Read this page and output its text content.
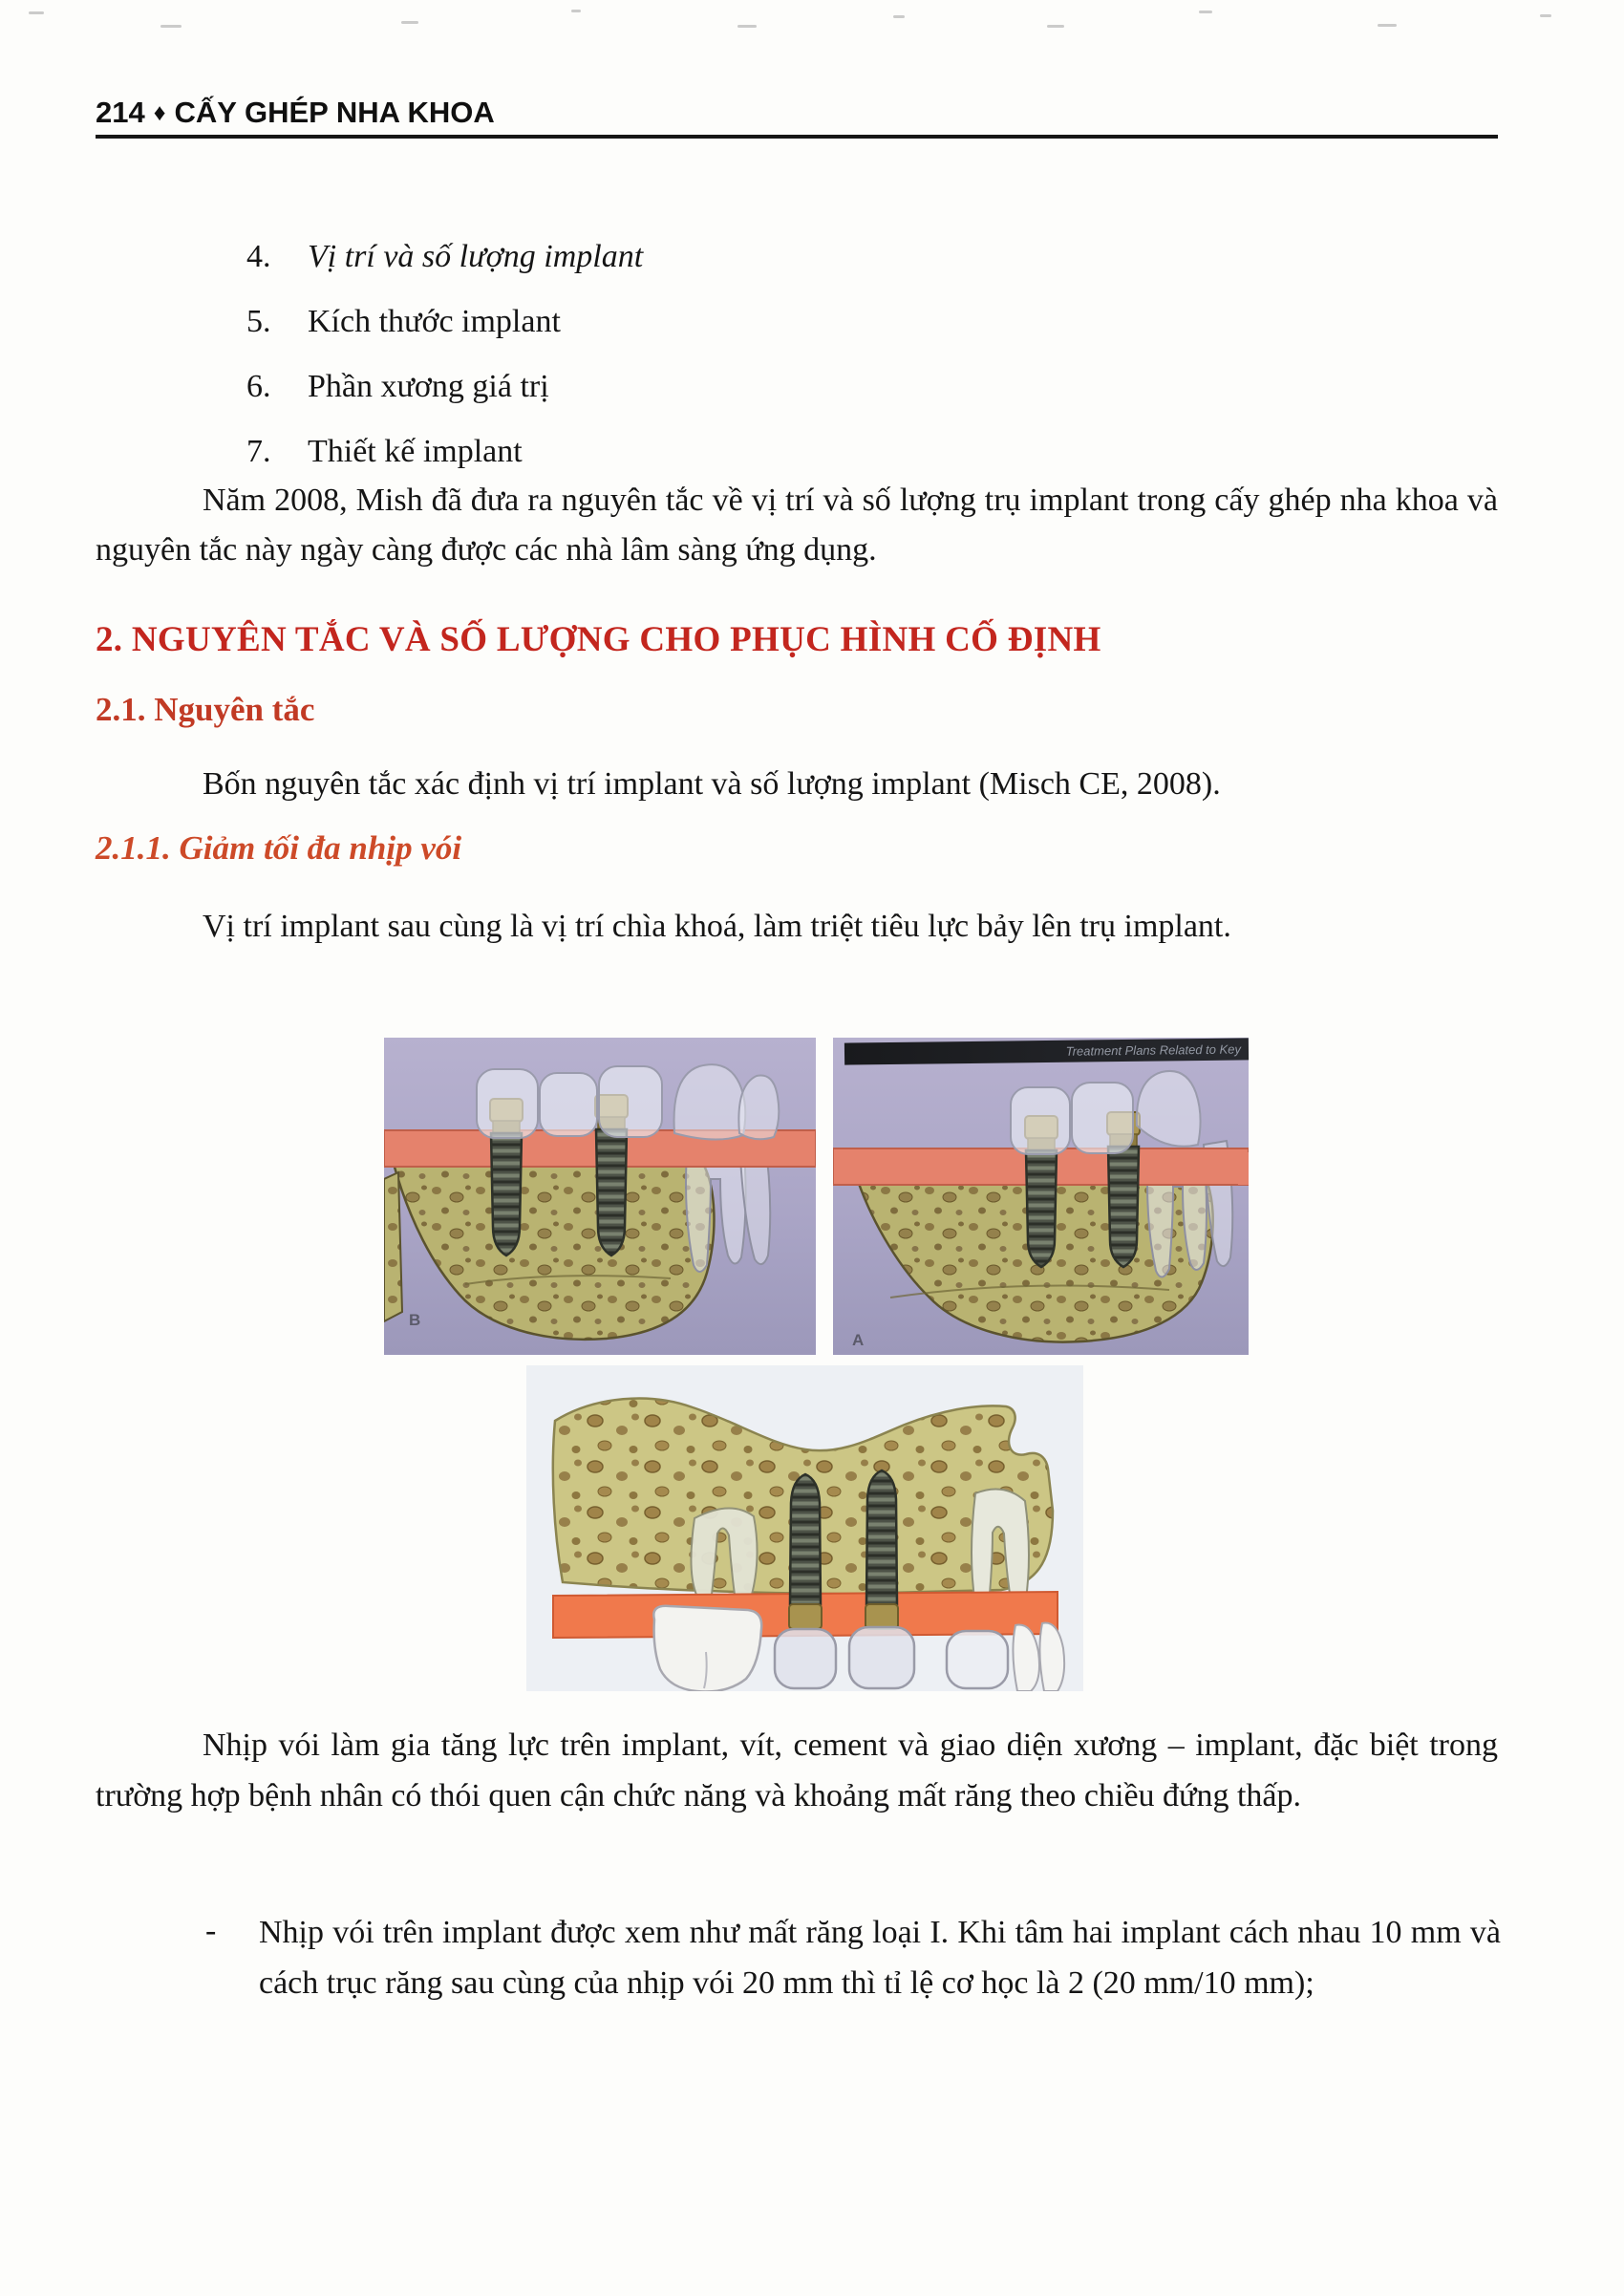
214 ♦ CẤY GHÉP NHA KHOA
4.	Vị trí và số lượng implant
5.	Kích thước implant
6.	Phần xương giá trị
7.	Thiết kế implant

Năm 2008, Mish đã đưa ra nguyên tắc về vị trí và số lượng trụ implant trong cấy ghép nha khoa và nguyên tắc này ngày càng được các nhà lâm sàng ứng dụng.

2. NGUYÊN TẮC VÀ SỐ LƯỢNG CHO PHỤC HÌNH CỐ ĐỊNH
2.1. Nguyên tắc

Bốn nguyên tắc xác định vị trí implant và số lượng implant (Misch CE, 2008).

2.1.1. Giảm tối đa nhịp vói

Vị trí implant sau cùng là vị trí chìa khoá, làm triệt tiêu lực bảy lên trụ implant.

B
Treatment Plans Related to Key
A

Nhịp vói làm gia tăng lực trên implant, vít, cement và giao diện xương – implant, đặc biệt trong trường hợp bệnh nhân có thói quen cận chức năng và khoảng mất răng theo chiều đứng thấp.

- Nhịp vói trên implant được xem như mất răng loại I. Khi tâm hai implant cách nhau 10 mm và cách trục răng sau cùng của nhịp vói 20 mm thì tỉ lệ cơ học là 2 (20 mm/10 mm);
